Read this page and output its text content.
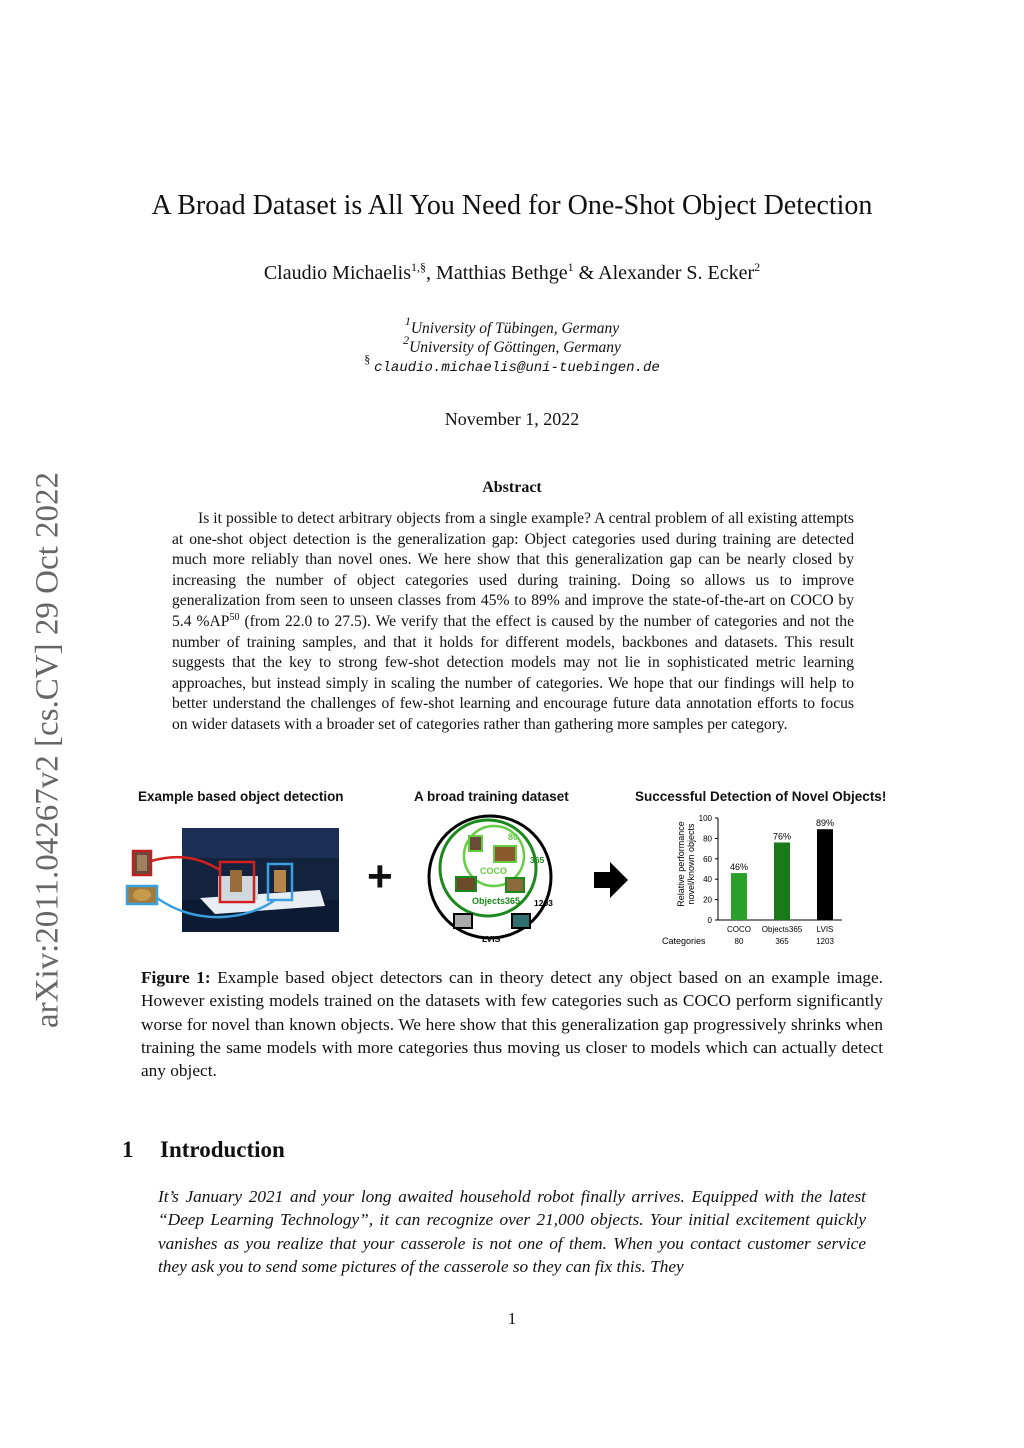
arXiv:2011.04267v2 [cs.CV] 29 Oct 2022
A Broad Dataset is All You Need for One-Shot Object Detection
Claudio Michaelis$^{1,\S}$, Matthias Bethge$^1$ & Alexander S. Ecker$^2$
$^1$University of Tübingen, Germany
$^2$University of Göttingen, Germany
§ claudio.michaelis@uni-tuebingen.de
November 1, 2022
Abstract
Is it possible to detect arbitrary objects from a single example? A central problem of all existing attempts at one-shot object detection is the generalization gap: Object categories used during training are detected much more reliably than novel ones. We here show that this generalization gap can be nearly closed by increasing the number of object categories used during training. Doing so allows us to improve generalization from seen to unseen classes from 45% to 89% and improve the state-of-the-art on COCO by 5.4 %AP$^{50}$ (from 22.0 to 27.5). We verify that the effect is caused by the number of categories and not the number of training samples, and that it holds for different models, backbones and datasets. This result suggests that the key to strong few-shot detection models may not lie in sophisticated metric learning approaches, but instead simply in scaling the number of categories. We hope that our findings will help to better understand the challenges of few-shot learning and encourage future data annotation efforts to focus on wider datasets with a broader set of categories rather than gathering more samples per category.
Example based object detection	A broad training dataset	Successful Detection of Novel Objects!
+
80
COCO
365
Objects365 1203
LVIS
Relative performance novel/known objects
0
20
40
60
80
100
46%
COCO
80
76%
Objects365
365
89%
LVIS
1203
Categories
Figure 1: Example based object detectors can in theory detect any object based on an example image. However existing models trained on the datasets with few categories such as COCO perform significantly worse for novel than known objects. We here show that this generalization gap progressively shrinks when training the same models with more categories thus moving us closer to models which can actually detect any object.
1 Introduction
It’s January 2021 and your long awaited household robot finally arrives. Equipped with the latest “Deep Learning Technology”, it can recognize over 21,000 objects. Your initial excitement quickly vanishes as you realize that your casserole is not one of them. When you contact customer service they ask you to send some pictures of the casserole so they can fix this. They
1
